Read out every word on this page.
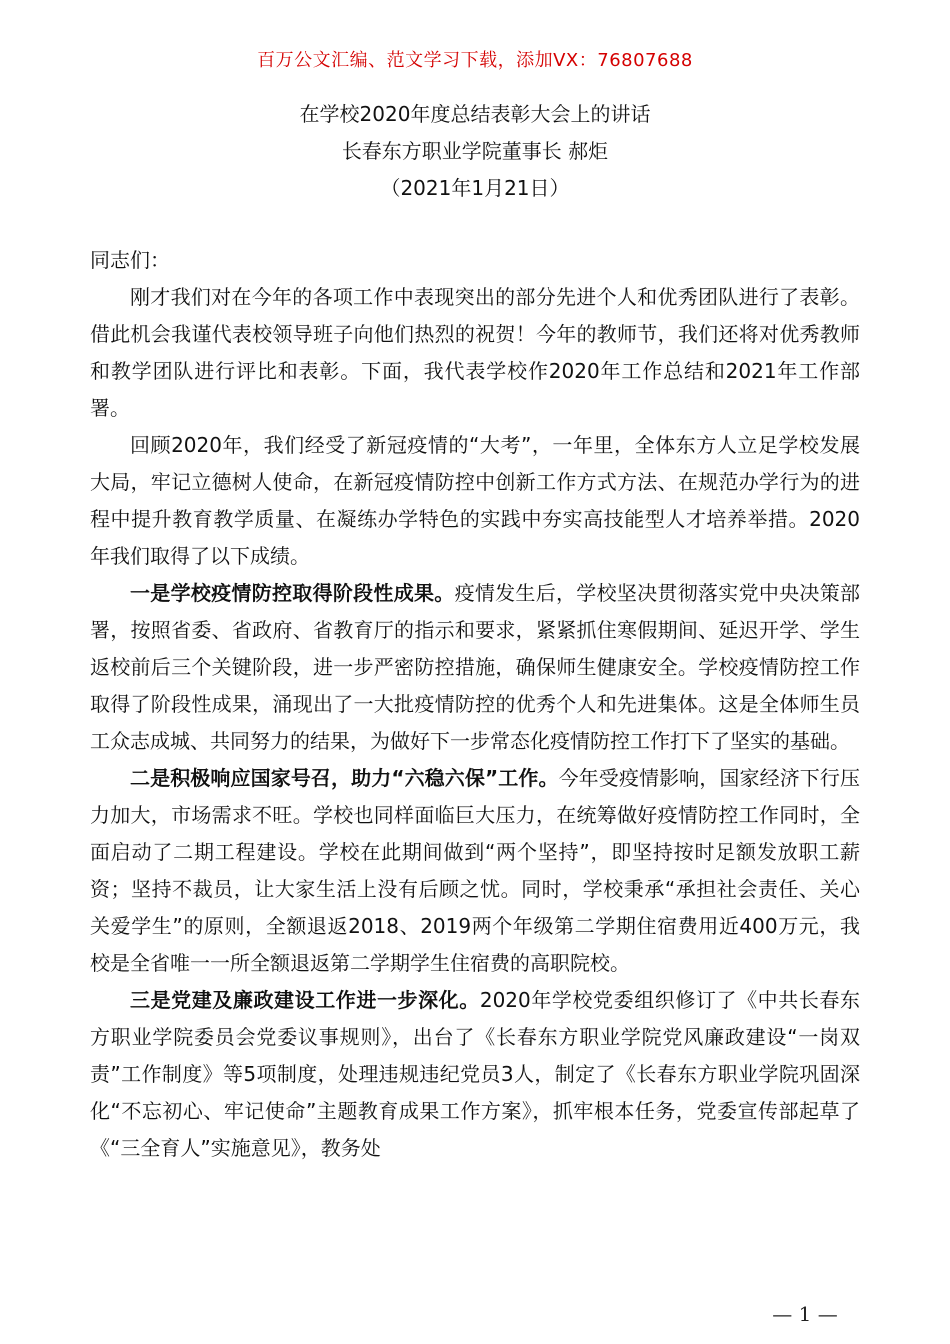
百万公文汇编、范文学习下载，添加VX：76807688
在学校2020年度总结表彰大会上的讲话
长春东方职业学院董事长 郝炬
（2021年1月21日）

同志们：

刚才我们对在今年的各项工作中表现突出的部分先进个人和优秀团队进行了表彰。借此机会我谨代表校领导班子向他们热烈的祝贺！今年的教师节，我们还将对优秀教师和教学团队进行评比和表彰。下面，我代表学校作2020年工作总结和2021年工作部署。

回顾2020年，我们经受了新冠疫情的“大考”，一年里，全体东方人立足学校发展大局，牢记立德树人使命，在新冠疫情防控中创新工作方式方法、在规范办学行为的进程中提升教育教学质量、在凝练办学特色的实践中夯实高技能型人才培养举措。2020年我们取得了以下成绩。

一是学校疫情防控取得阶段性成果。疫情发生后，学校坚决贯彻落实党中央决策部署，按照省委、省政府、省教育厅的指示和要求，紧紧抓住寒假期间、延迟开学、学生返校前后三个关键阶段，进一步严密防控措施，确保师生健康安全。学校疫情防控工作取得了阶段性成果，涌现出了一大批疫情防控的优秀个人和先进集体。这是全体师生员工众志成城、共同努力的结果，为做好下一步常态化疫情防控工作打下了坚实的基础。

二是积极响应国家号召，助力“六稳六保”工作。今年受疫情影响，国家经济下行压力加大，市场需求不旺。学校也同样面临巨大压力，在统筹做好疫情防控工作同时，全面启动了二期工程建设。学校在此期间做到“两个坚持”，即坚持按时足额发放职工薪资；坚持不裁员，让大家生活上没有后顾之忧。同时，学校秉承“承担社会责任、关心关爱学生”的原则，全额退返2018、2019两个年级第二学期住宿费用近400万元，我校是全省唯一一所全额退返第二学期学生住宿费的高职院校。

三是党建及廉政建设工作进一步深化。2020年学校党委组织修订了《中共长春东方职业学院委员会党委议事规则》，出台了《长春东方职业学院党风廉政建设“一岗双责”工作制度》等5项制度，处理违规违纪党员3人，制定了《长春东方职业学院巩固深化“不忘初心、牢记使命”主题教育成果工作方案》，抓牢根本任务，党委宣传部起草了《“三全育人”实施意见》，教务处

— 1 —
